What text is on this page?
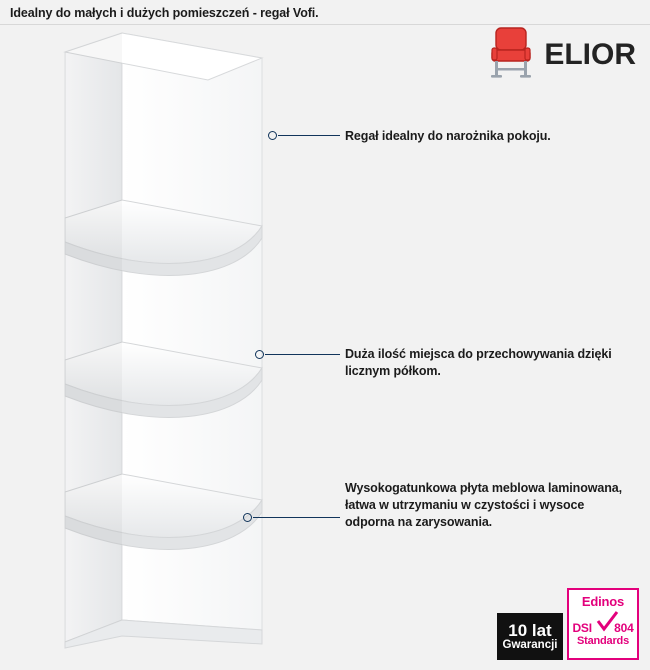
Idealny do małych i dużych pomieszczeń - regał Vofi.
ELIOR
Regał idealny do narożnika pokoju.
Duża ilość miejsca do przechowywania dzięki licznym półkom.
Wysokogatunkowa płyta meblowa laminowana, łatwa w utrzymaniu w czystości i wysoce odporna na zarysowania.
10 lat
Gwarancji
Edinos
DSI 804
Standards
